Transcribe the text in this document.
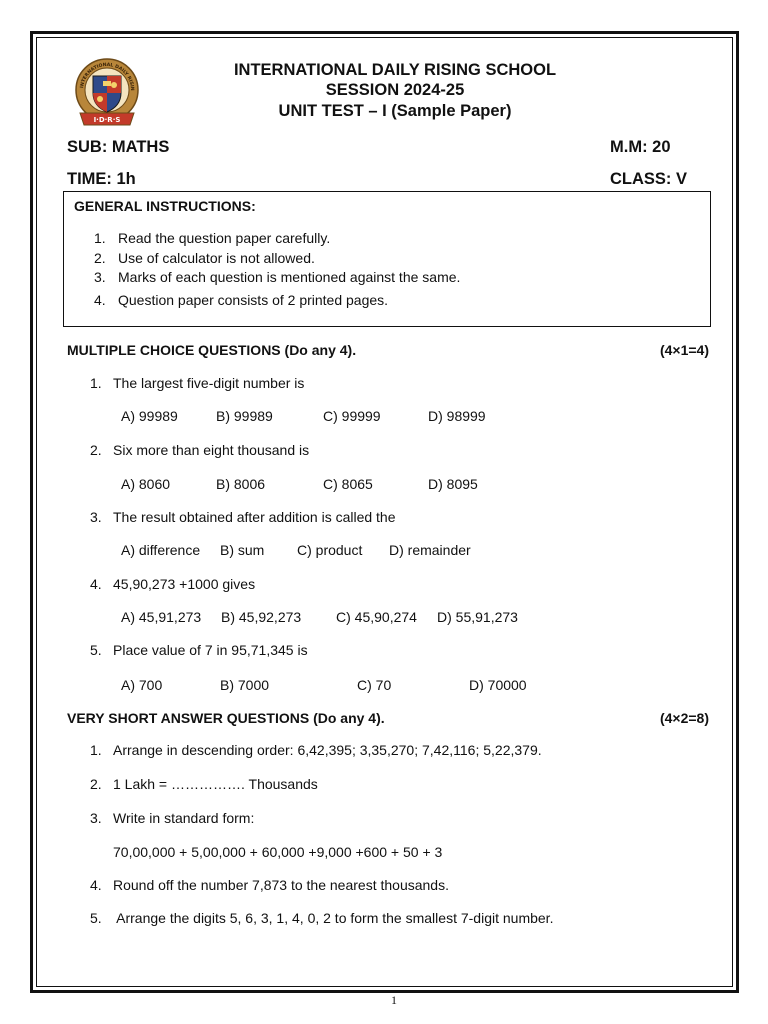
INTERNATIONAL DAILY RISIN
I·D·R·S
INTERNATIONAL DAILY RISING SCHOOL
SESSION 2024-25
UNIT TEST – I (Sample Paper)
SUB: MATHS	M.M: 20
TIME: 1h	CLASS: V
GENERAL INSTRUCTIONS:
1. Read the question paper carefully.
2. Use of calculator is not allowed.
3. Marks of each question is mentioned against the same.
4. Question paper consists of 2 printed pages.
MULTIPLE CHOICE QUESTIONS (Do any 4).	(4×1=4)
1. The largest five-digit number is
A) 99989	B) 99989	C) 99999	D) 98999
2. Six more than eight thousand is
A) 8060	B) 8006	C) 8065	D) 8095
3. The result obtained after addition is called the
A) difference B) sum C) product D) remainder
4. 45,90,273 +1000 gives
A) 45,91,273 B) 45,92,273 C) 45,90,274 D) 55,91,273
5. Place value of 7 in 95,71,345 is
A) 700	B) 7000	C) 70	D) 70000
VERY SHORT ANSWER QUESTIONS (Do any 4).	(4×2=8)
1. Arrange in descending order: 6,42,395; 3,35,270; 7,42,116; 5,22,379.
2. 1 Lakh = ……………. Thousands
3. Write in standard form:
70,00,000 + 5,00,000 + 60,000 +9,000 +600 + 50 + 3
4. Round off the number 7,873 to the nearest thousands.
5. Arrange the digits 5, 6, 3, 1, 4, 0, 2 to form the smallest 7-digit number.
1
